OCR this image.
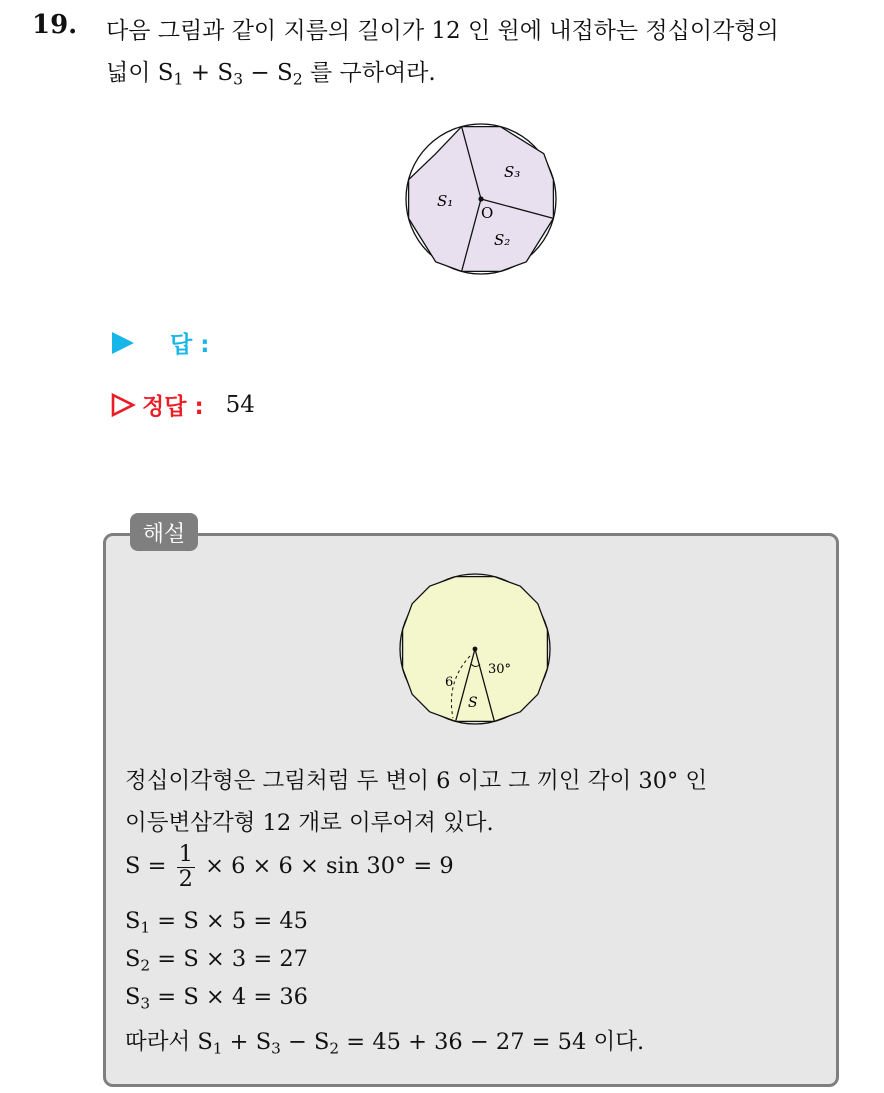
19. 다음 그림과 같이 지름의 길이가 12 인 원에 내접하는 정십이각형의
넓이 $S_1 + S_3 - S_2$ 를 구하여라.
O
S₁
S₃
S₂
답 :
정답 : 54
해설
6
30°
S
정십이각형은 그림처럼 두 변이 6 이고 그 끼인 각이 30° 인
이등변삼각형 12 개로 이루어져 있다.
$S = \frac{1}{2} \times 6 \times 6 \times \sin 30^\circ = 9$
$S_1 = S \times 5 = 45$
$S_2 = S \times 3 = 27$
$S_3 = S \times 4 = 36$
따라서 $S_1 + S_3 - S_2 = 45 + 36 - 27 = 54$ 이다.
